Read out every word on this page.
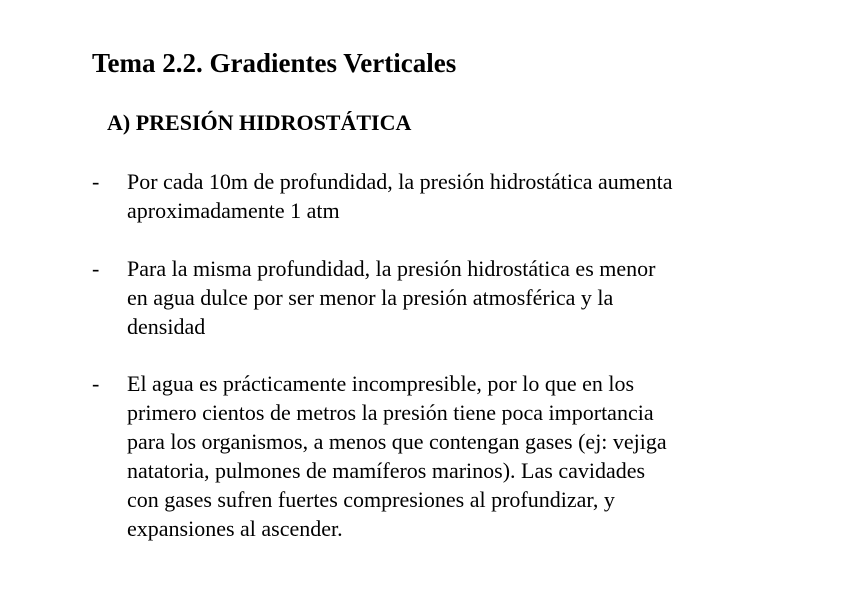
Tema 2.2. Gradientes Verticales
A) PRESIÓN HIDROSTÁTICA
- Por cada 10m de profundidad, la presión hidrostática aumenta
aproximadamente 1 atm
- Para la misma profundidad, la presión hidrostática es menor
en agua dulce por ser menor la presión atmosférica y la
densidad
- El agua es prácticamente incompresible, por lo que en los
primero cientos de metros la presión tiene poca importancia
para los organismos, a menos que contengan gases (ej: vejiga
natatoria, pulmones de mamíferos marinos). Las cavidades
con gases sufren fuertes compresiones al profundizar, y
expansiones al ascender.
